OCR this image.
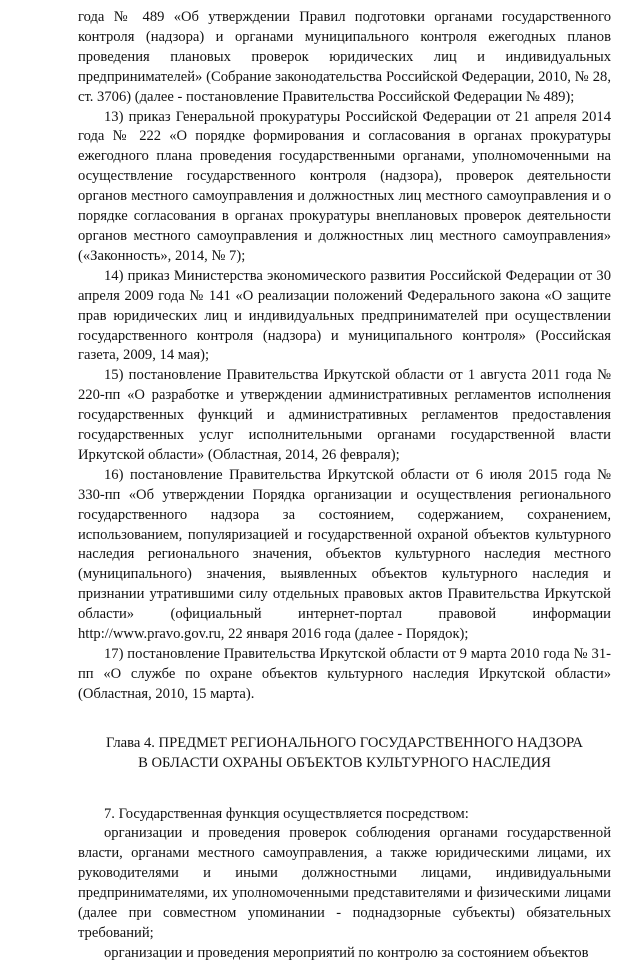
года № 489 «Об утверждении Правил подготовки органами государственного контроля (надзора) и органами муниципального контроля ежегодных планов проведения плановых проверок юридических лиц и индивидуальных предпринимателей» (Собрание законодательства Российской Федерации, 2010, № 28, ст. 3706) (далее - постановление Правительства Российской Федерации № 489);

13) приказ Генеральной прокуратуры Российской Федерации от 21 апреля 2014 года № 222 «О порядке формирования и согласования в органах прокуратуры ежегодного плана проведения государственными органами, уполномоченными на осуществление государственного контроля (надзора), проверок деятельности органов местного самоуправления и должностных лиц местного самоуправления и о порядке согласования в органах прокуратуры внеплановых проверок деятельности органов местного самоуправления и должностных лиц местного самоуправления» («Законность», 2014, № 7);

14) приказ Министерства экономического развития Российской Федерации от 30 апреля 2009 года № 141 «О реализации положений Федерального закона «О защите прав юридических лиц и индивидуальных предпринимателей при осуществлении государственного контроля (надзора) и муниципального контроля» (Российская газета, 2009, 14 мая);

15) постановление Правительства Иркутской области от 1 августа 2011 года № 220-пп «О разработке и утверждении административных регламентов исполнения государственных функций и административных регламентов предоставления государственных услуг исполнительными органами государственной власти Иркутской области» (Областная, 2014, 26 февраля);

16) постановление Правительства Иркутской области от 6 июля 2015 года № 330-пп «Об утверждении Порядка организации и осуществления регионального государственного надзора за состоянием, содержанием, сохранением, использованием, популяризацией и государственной охраной объектов культурного наследия регионального значения, объектов культурного наследия местного (муниципального) значения, выявленных объектов культурного наследия и признании утратившими силу отдельных правовых актов Правительства Иркутской области» (официальный интернет-портал правовой информации http://www.pravo.gov.ru, 22 января 2016 года (далее - Порядок);

17) постановление Правительства Иркутской области от 9 марта 2010 года № 31-пп «О службе по охране объектов культурного наследия Иркутской области» (Областная, 2010, 15 марта).

Глава 4. ПРЕДМЕТ РЕГИОНАЛЬНОГО ГОСУДАРСТВЕННОГО НАДЗОРА
В ОБЛАСТИ ОХРАНЫ ОБЪЕКТОВ КУЛЬТУРНОГО НАСЛЕДИЯ

7. Государственная функция осуществляется посредством:

организации и проведения проверок соблюдения органами государственной власти, органами местного самоуправления, а также юридическими лицами, их руководителями и иными должностными лицами, индивидуальными предпринимателями, их уполномоченными представителями и физическими лицами (далее при совместном упоминании - поднадзорные субъекты) обязательных требований;

организации и проведения мероприятий по контролю за состоянием объектов
